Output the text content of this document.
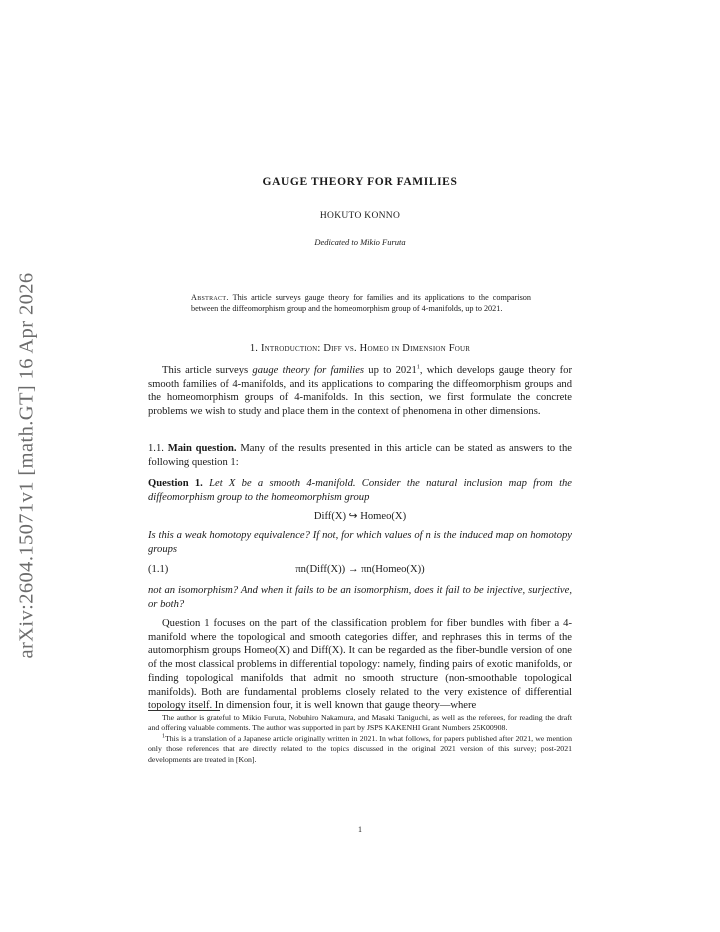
arXiv:2604.15071v1 [math.GT] 16 Apr 2026
GAUGE THEORY FOR FAMILIES
HOKUTO KONNO
Dedicated to Mikio Furuta
Abstract. This article surveys gauge theory for families and its applications to the comparison between the diffeomorphism group and the homeomorphism group of 4-manifolds, up to 2021.
1. Introduction: Diff vs. Homeo in Dimension Four
This article surveys gauge theory for families up to 2021$^1$, which develops gauge theory for smooth families of 4-manifolds, and its applications to comparing the diffeomorphism groups and the homeomorphism groups of 4-manifolds. In this section, we first formulate the concrete problems we wish to study and place them in the context of phenomena in other dimensions.
1.1. Main question. Many of the results presented in this article can be stated as answers to the following question 1:
Question 1. Let X be a smooth 4-manifold. Consider the natural inclusion map from the diffeomorphism group to the homeomorphism group
Diff(X) ↪ Homeo(X)
Is this a weak homotopy equivalence? If not, for which values of n is the induced map on homotopy groups
(1.1)	πn(Diff(X)) → πn(Homeo(X))
not an isomorphism? And when it fails to be an isomorphism, does it fail to be injective, surjective, or both?
Question 1 focuses on the part of the classification problem for fiber bundles with fiber a 4-manifold where the topological and smooth categories differ, and rephrases this in terms of the automorphism groups Homeo(X) and Diff(X). It can be regarded as the fiber-bundle version of one of the most classical problems in differential topology: namely, finding pairs of exotic manifolds, or finding topological manifolds that admit no smooth structure (non-smoothable topological manifolds). Both are fundamental problems closely related to the very existence of differential topology itself. In dimension four, it is well known that gauge theory—where

The author is grateful to Mikio Furuta, Nobuhiro Nakamura, and Masaki Taniguchi, as well as the referees, for reading the draft and offering valuable comments. The author was supported in part by JSPS KAKENHI Grant Numbers 25K00908.

$^1$This is a translation of a Japanese article originally written in 2021. In what follows, for papers published after 2021, we mention only those references that are directly related to the topics discussed in the original 2021 version of this survey; post-2021 developments are treated in [Kon].

1
